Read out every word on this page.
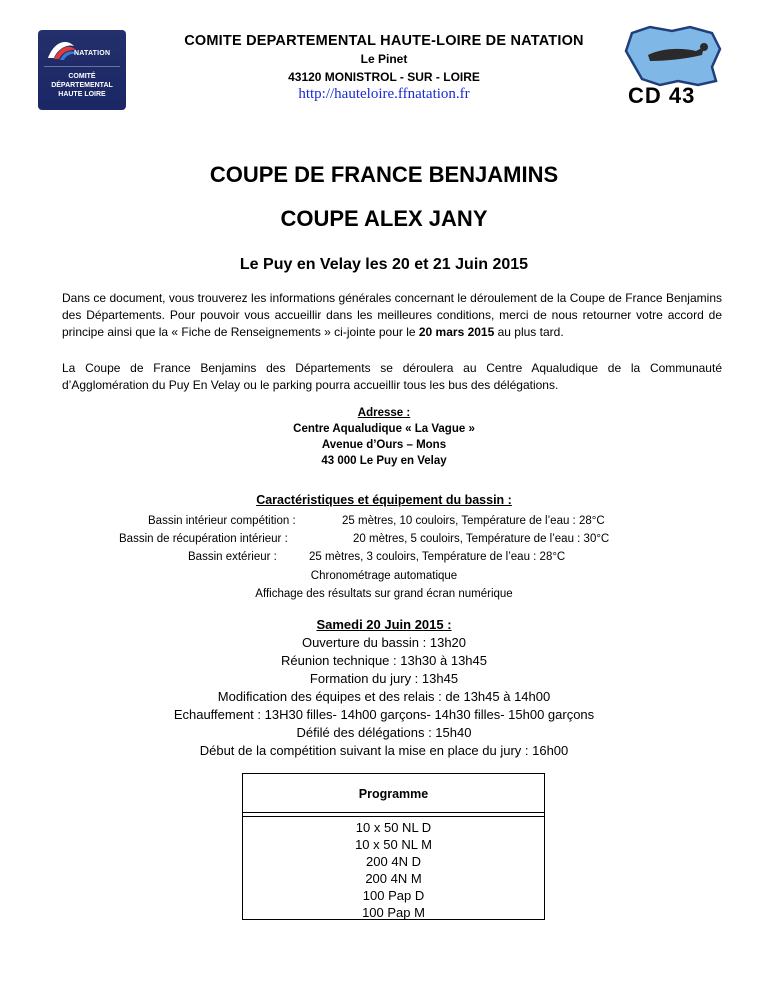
NATATION
COMITÉ
DÉPARTEMENTAL
HAUTE LOIRE
COMITE DEPARTEMENTAL HAUTE-LOIRE DE NATATION
Le Pinet
43120 MONISTROL - SUR - LOIRE
http://hauteloire.ffnatation.fr	CD 43
COUPE DE FRANCE BENJAMINS
COUPE ALEX JANY
Le Puy en Velay les 20 et 21 Juin 2015
Dans ce document, vous trouverez les informations générales concernant le déroulement de la Coupe de France Benjamins des Départements. Pour pouvoir vous accueillir dans les meilleures conditions, merci de nous retourner votre accord de principe ainsi que la « Fiche de Renseignements » ci-jointe pour le 20 mars 2015 au plus tard.
La Coupe de France Benjamins des Départements se déroulera au Centre Aqualudique de la Communauté d’Agglomération du Puy En Velay ou le parking pourra accueillir tous les bus des délégations.
Adresse :
Centre Aqualudique « La Vague »
Avenue d’Ours – Mons
43 000 Le Puy en Velay
Caractéristiques et équipement du bassin :
Bassin intérieur compétition :	25 mètres, 10 couloirs, Température de l’eau : 28°C
Bassin de récupération intérieur :	20 mètres, 5 couloirs, Température de l’eau : 30°C
Bassin extérieur :	25 mètres, 3 couloirs, Température de l’eau : 28°C
Chronométrage automatique
Affichage des résultats sur grand écran numérique
Samedi 20 Juin 2015 :
Ouverture du bassin : 13h20
Réunion technique : 13h30 à 13h45
Formation du jury : 13h45
Modification des équipes et des relais : de 13h45 à 14h00
Echauffement : 13H30 filles- 14h00 garçons- 14h30 filles- 15h00 garçons
Défilé des délégations : 15h40
Début de la compétition suivant la mise en place du jury : 16h00
Programme
10 x 50 NL D
10 x 50 NL M
200 4N D
200 4N M
100 Pap D
100 Pap M
